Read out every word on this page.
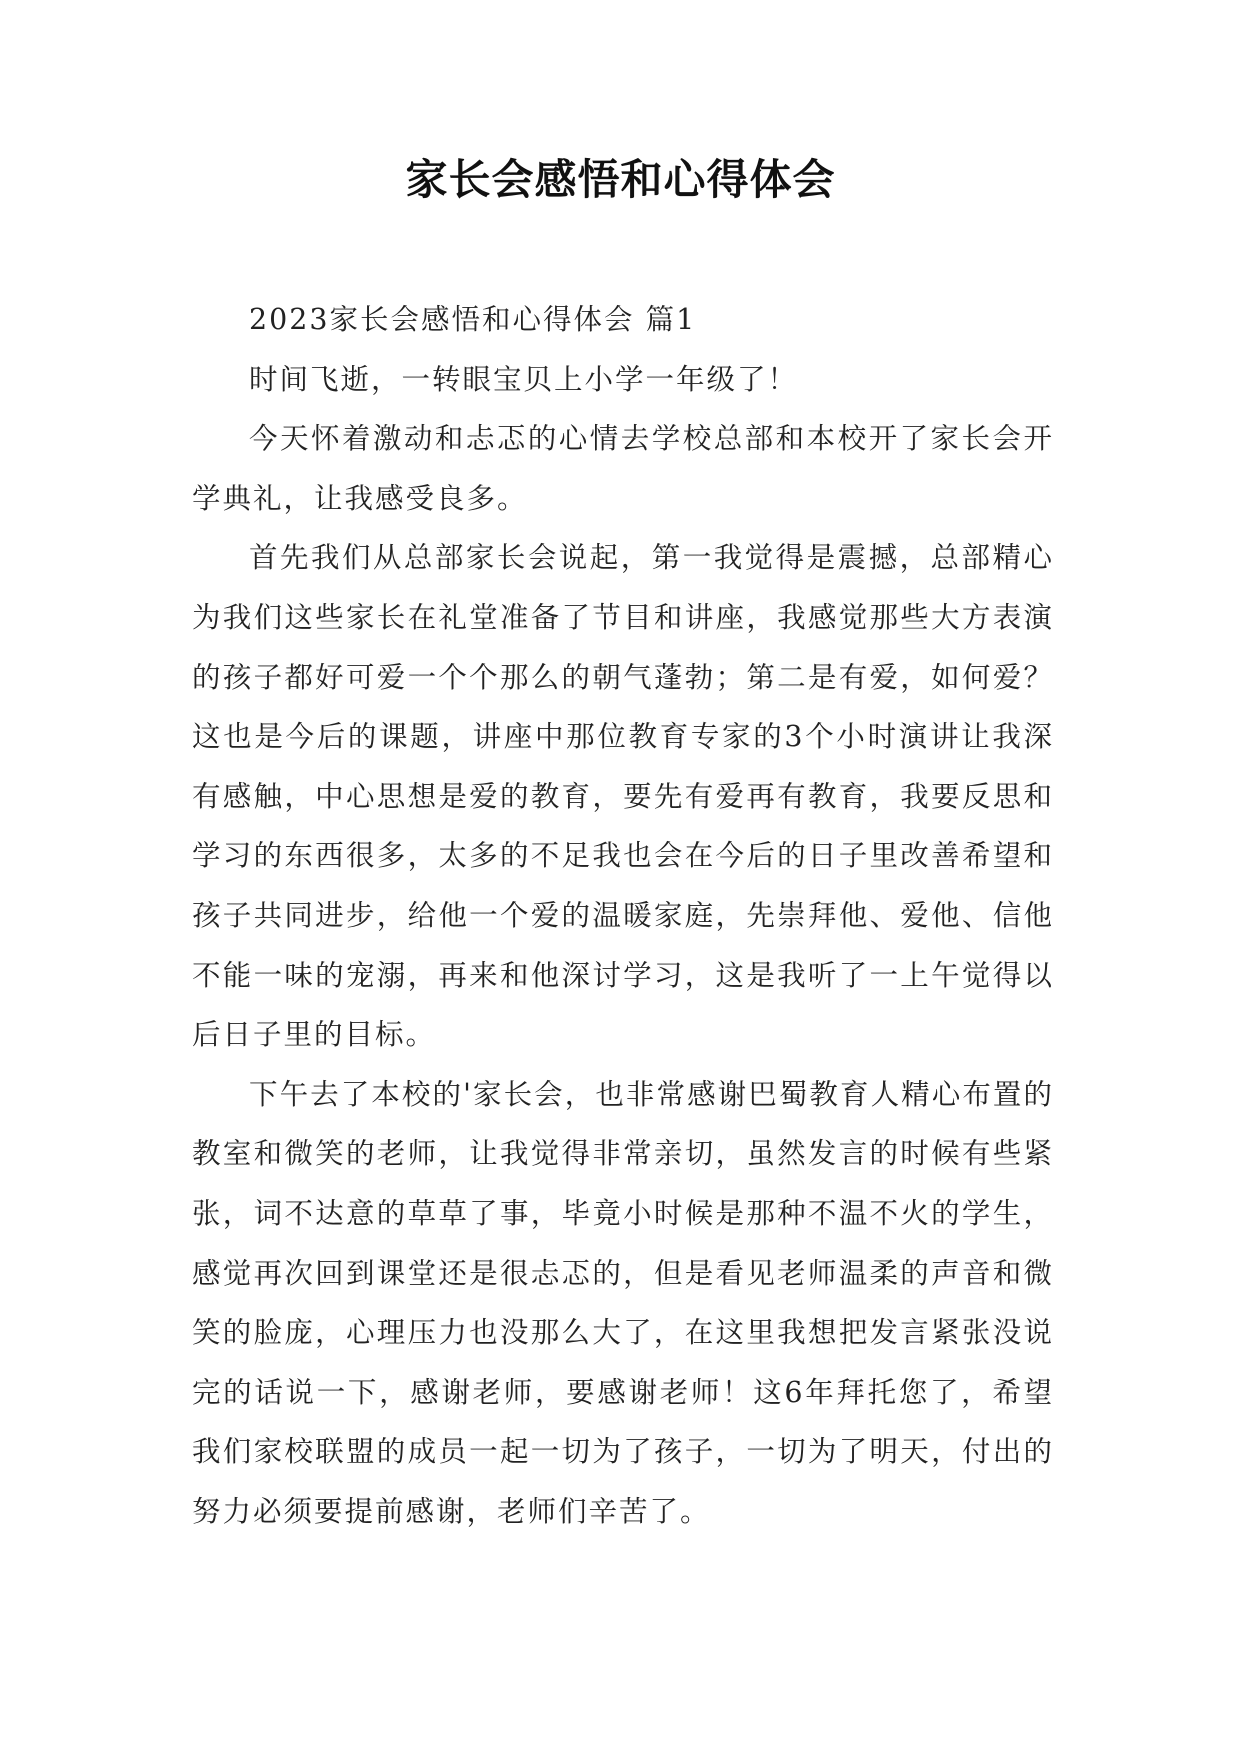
家长会感悟和心得体会

2023家长会感悟和心得体会 篇1

时间飞逝，一转眼宝贝上小学一年级了！

今天怀着激动和忐忑的心情去学校总部和本校开了家长会开学典礼，让我感受良多。

首先我们从总部家长会说起，第一我觉得是震撼，总部精心为我们这些家长在礼堂准备了节目和讲座，我感觉那些大方表演的孩子都好可爱一个个那么的朝气蓬勃；第二是有爱，如何爱？这也是今后的课题，讲座中那位教育专家的3个小时演讲让我深有感触，中心思想是爱的教育，要先有爱再有教育，我要反思和学习的东西很多，太多的不足我也会在今后的日子里改善希望和孩子共同进步，给他一个爱的温暖家庭，先崇拜他、爱他、信他不能一味的宠溺，再来和他深讨学习，这是我听了一上午觉得以后日子里的目标。

下午去了本校的'家长会，也非常感谢巴蜀教育人精心布置的教室和微笑的老师，让我觉得非常亲切，虽然发言的时候有些紧张，词不达意的草草了事，毕竟小时候是那种不温不火的学生，感觉再次回到课堂还是很忐忑的，但是看见老师温柔的声音和微笑的脸庞，心理压力也没那么大了，在这里我想把发言紧张没说完的话说一下，感谢老师，要感谢老师！这6年拜托您了，希望我们家校联盟的成员一起一切为了孩子，一切为了明天，付出的努力必须要提前感谢，老师们辛苦了。
